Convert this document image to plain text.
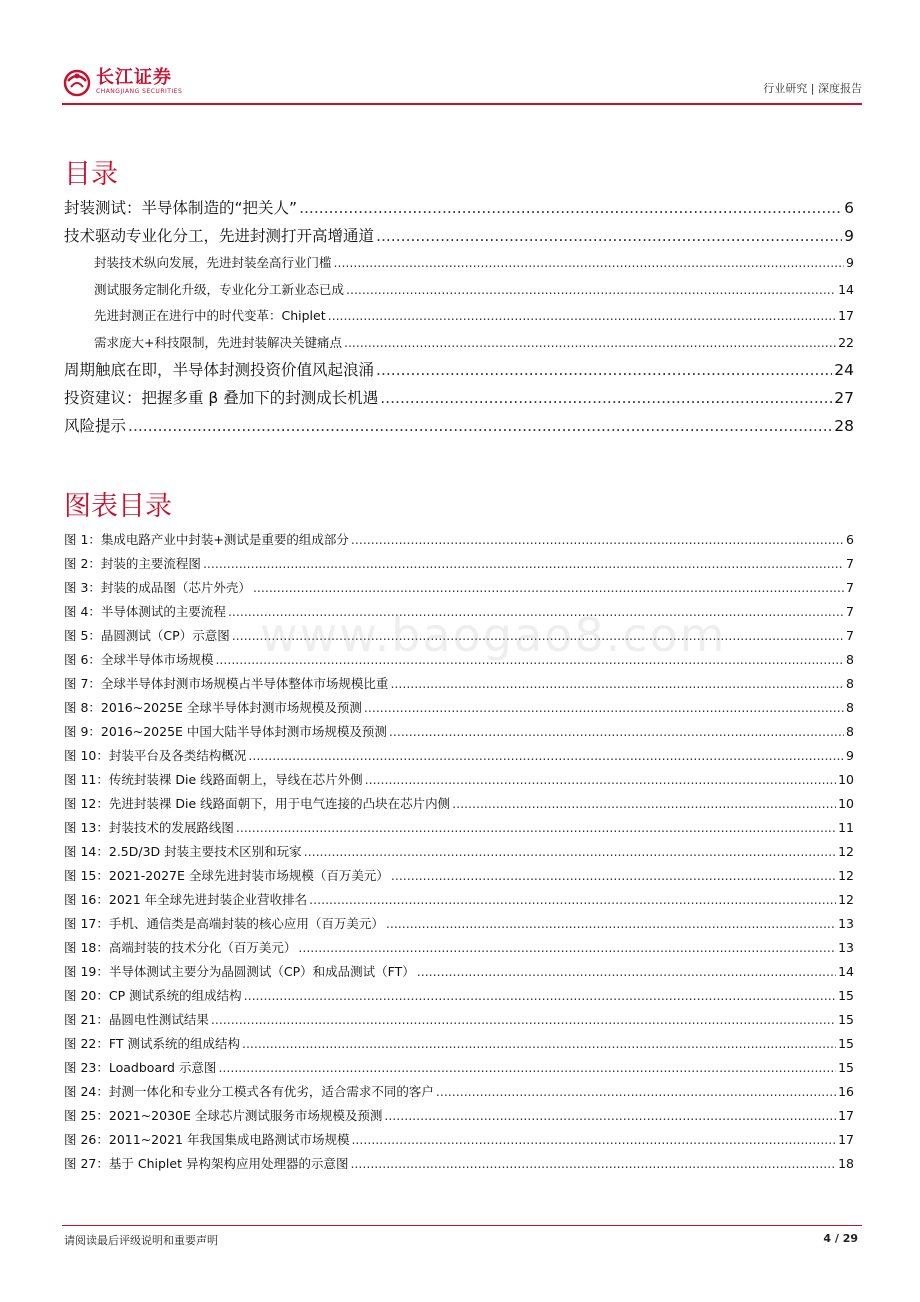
长江证券
CHANGJIANG SECURITIES	行业研究 | 深度报告
目录
封装测试：半导体制造的“把关人” .....	6
技术驱动专业化分工，先进封测打开高增通道 .....	9
封装技术纵向发展，先进封装垒高行业门槛 .....	9
测试服务定制化升级，专业化分工新业态已成 .....	14
先进封测正在进行中的时代变革：Chiplet .....	17
需求庞大+科技限制，先进封装解决关键痛点 .....	22
周期触底在即，半导体封测投资价值风起浪涌 .....	24
投资建议：把握多重 β 叠加下的封测成长机遇 .....	27
风险提示 .....	28
图表目录
图 1：集成电路产业中封装+测试是重要的组成部分 .....	6
图 2：封装的主要流程图 .....	7
图 3：封装的成品图（芯片外壳） .....	7
图 4：半导体测试的主要流程 .....	7
图 5：晶圆测试（CP）示意图 .....	7
图 6：全球半导体市场规模 .....	8
图 7：全球半导体封测市场规模占半导体整体市场规模比重 .....	8
图 8：2016~2025E 全球半导体封测市场规模及预测 .....	8
图 9：2016~2025E 中国大陆半导体封测市场规模及预测 .....	8
图 10：封装平台及各类结构概况 .....	9
图 11：传统封装裸 Die 线路面朝上，导线在芯片外侧 .....	10
图 12：先进封装裸 Die 线路面朝下，用于电气连接的凸块在芯片内侧 .....	10
图 13：封装技术的发展路线图 .....	11
图 14：2.5D/3D 封装主要技术区别和玩家 .....	12
图 15：2021-2027E 全球先进封装市场规模（百万美元） .....	12
图 16：2021 年全球先进封装企业营收排名 .....	12
图 17：手机、通信类是高端封装的核心应用（百万美元） .....	13
图 18：高端封装的技术分化（百万美元） .....	13
图 19：半导体测试主要分为晶圆测试（CP）和成品测试（FT） .....	14
图 20：CP 测试系统的组成结构 .....	15
图 21：晶圆电性测试结果 .....	15
图 22：FT 测试系统的组成结构 .....	15
图 23：Loadboard 示意图 .....	15
图 24：封测一体化和专业分工模式各有优劣，适合需求不同的客户 .....	16
图 25：2021~2030E 全球芯片测试服务市场规模及预测 .....	17
图 26：2011~2021 年我国集成电路测试市场规模 .....	17
图 27：基于 Chiplet 异构架构应用处理器的示意图 .....	18
www.baogao8.com
请阅读最后评级说明和重要声明	4 / 29
